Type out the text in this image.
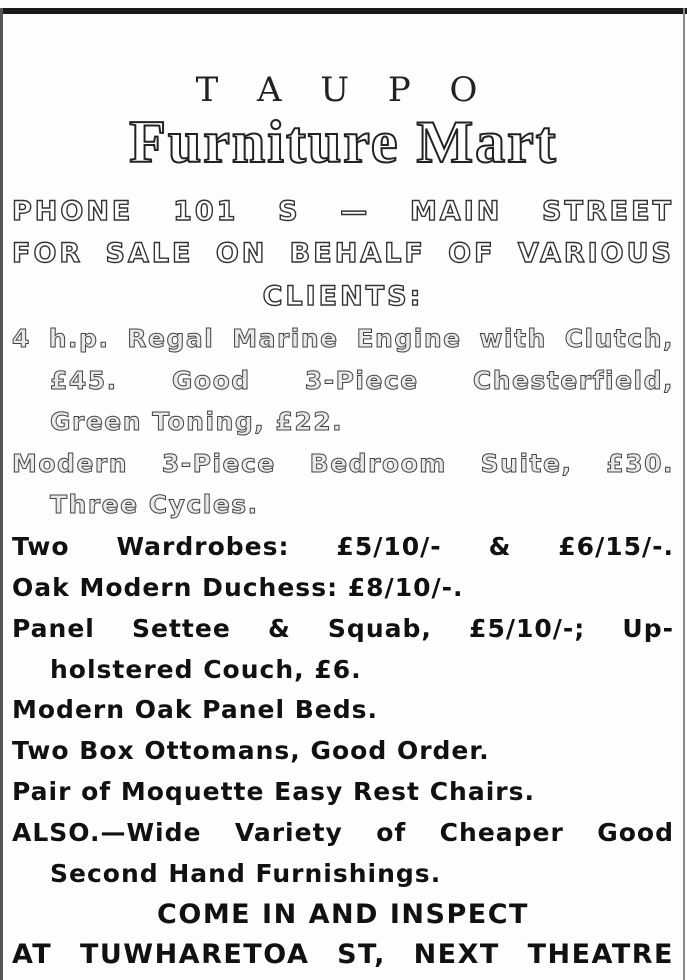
T A U P O
Furniture Mart
PHONE 101 S — MAIN STREET
FOR SALE ON BEHALF OF VARIOUS
CLIENTS:
4 h.p. Regal Marine Engine with Clutch,
£45. Good 3-Piece Chesterfield,
Green Toning, £22.
Modern 3-Piece Bedroom Suite, £30.
Three Cycles.
Two Wardrobes: £5/10/- & £6/15/-.
Oak Modern Duchess: £8/10/-.
Panel Settee & Squab, £5/10/-; Up-
holstered Couch, £6.
Modern Oak Panel Beds.
Two Box Ottomans, Good Order.
Pair of Moquette Easy Rest Chairs.
ALSO.—Wide Variety of Cheaper Good
Second Hand Furnishings.
COME IN AND INSPECT
AT TUWHARETOA ST, NEXT THEATRE
